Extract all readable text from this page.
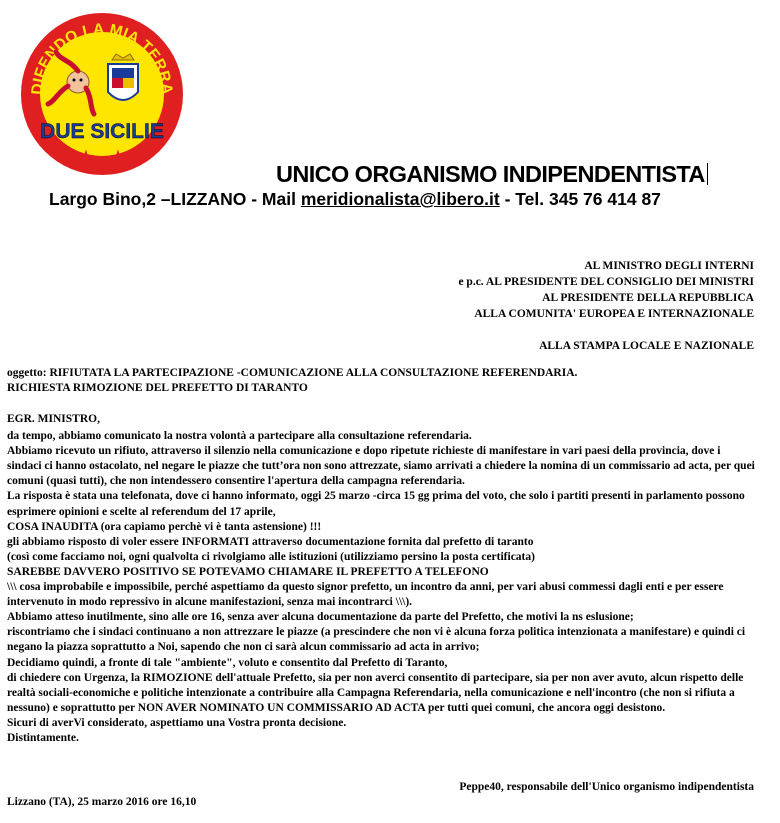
DIFENDO LA MIA TERRA
DUE SICILIE
★ ★
UNICO ORGANISMO INDIPENDENTISTA
Largo Bino,2 –LIZZANO - Mail meridionalista@libero.it - Tel. 345 76 414 87
AL MINISTRO DEGLI INTERNI
e p.c. AL PRESIDENTE DEL CONSIGLIO DEI MINISTRI
AL PRESIDENTE DELLA REPUBBLICA
ALLA COMUNITA' EUROPEA E INTERNAZIONALE
ALLA STAMPA LOCALE E NAZIONALE
oggetto: RIFIUTATA LA PARTECIPAZIONE -COMUNICAZIONE ALLA CONSULTAZIONE REFERENDARIA.
RICHIESTA RIMOZIONE DEL PREFETTO DI TARANTO

EGR. MINISTRO,

da tempo, abbiamo comunicato la nostra volontà a partecipare alla consultazione referendaria.

Abbiamo ricevuto un rifiuto, attraverso il silenzio nella comunicazione e dopo ripetute richieste di manifestare in vari paesi della provincia, dove i sindaci ci hanno ostacolato, nel negare le piazze che tutt’ora non sono attrezzate, siamo arrivati a chiedere la nomina di un commissario ad acta, per quei comuni (quasi tutti), che non intendessero consentire l'apertura della campagna referendaria.

La risposta è stata una telefonata, dove ci hanno informato, oggi 25 marzo -circa 15 gg prima del voto, che solo i partiti presenti in parlamento possono esprimere opinioni e scelte al referendum del 17 aprile,

COSA INAUDITA (ora capiamo perchè vi è tanta astensione) !!!

gli abbiamo risposto di voler essere INFORMATI attraverso documentazione fornita dal prefetto di taranto

(così come facciamo noi, ogni qualvolta ci rivolgiamo alle istituzioni (utilizziamo persino la posta certificata)

SAREBBE DAVVERO POSITIVO SE POTEVAMO CHIAMARE IL PREFETTO A TELEFONO

\\\ cosa improbabile e impossibile, perché aspettiamo da questo signor prefetto, un incontro da anni, per vari abusi commessi dagli enti e per essere intervenuto in modo repressivo in alcune manifestazioni, senza mai incontrarci \\\).

Abbiamo atteso inutilmente, sino alle ore 16, senza aver alcuna documentazione da parte del Prefetto, che motivi la ns eslusione;

riscontriamo che i sindaci continuano a non attrezzare le piazze (a prescindere che non vi è alcuna forza politica intenzionata a manifestare) e quindi ci negano la piazza soprattutto a Noi, sapendo che non ci sarà alcun commissario ad acta in arrivo;

Decidiamo quindi, a fronte di tale "ambiente", voluto e consentito dal Prefetto di Taranto,

di chiedere con Urgenza, la RIMOZIONE dell'attuale Prefetto, sia per non averci consentito di partecipare, sia per non aver avuto, alcun rispetto delle realtà sociali-economiche e politiche intenzionate a contribuire alla Campagna Referendaria, nella comunicazione e nell'incontro (che non si rifiuta a nessuno) e soprattutto per NON AVER NOMINATO UN COMMISSARIO AD ACTA per tutti quei comuni, che ancora oggi desistono.

Sicuri di averVi considerato, aspettiamo una Vostra pronta decisione.

Distintamente.

Peppe40, responsabile dell'Unico organismo indipendentista
Lizzano (TA), 25 marzo 2016 ore 16,10
